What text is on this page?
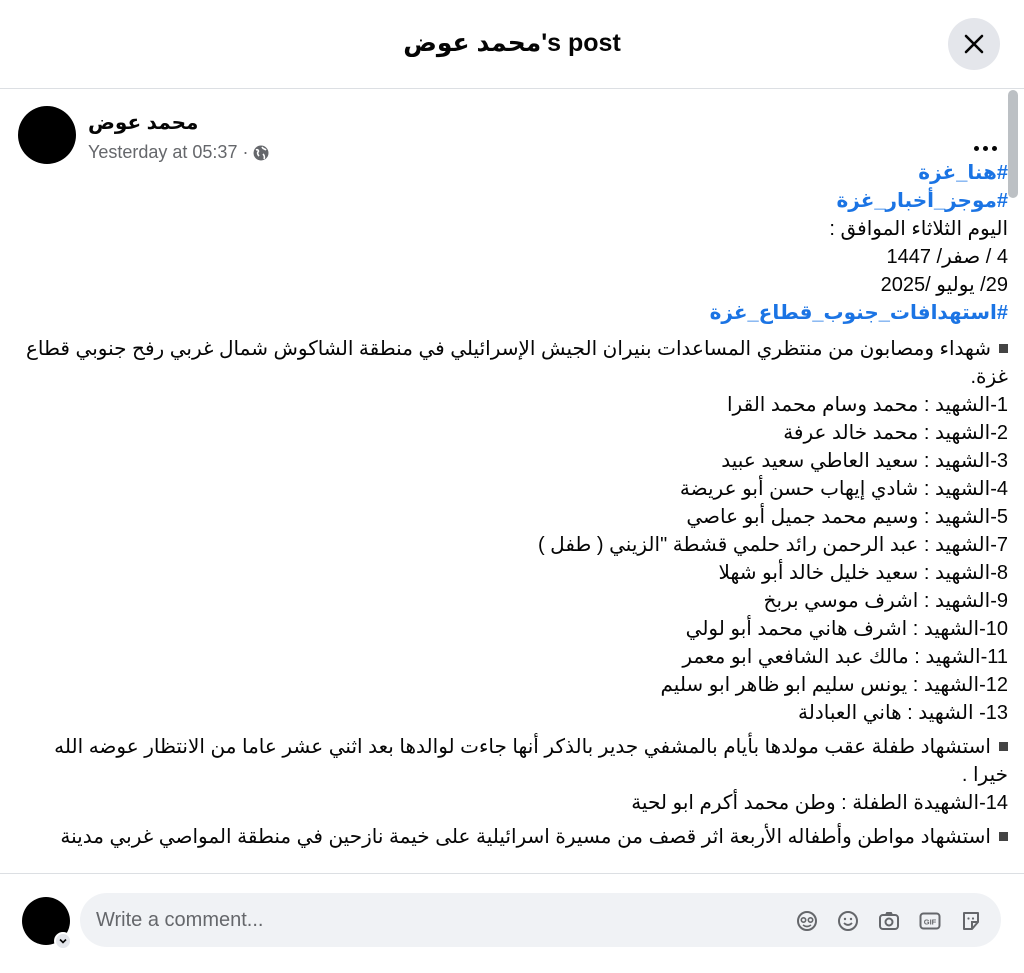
محمد عوض's post
محمد عوض
Yesterday at 05:37 ·
#هنا_غزة
#موجز_أخبار_غزة
اليوم الثلاثاء الموافق :
4 / صفر/ 1447
29/ يوليو /2025
#استهدافات_جنوب_قطاع_غزة
شهداء ومصابون من منتظري المساعدات بنيران الجيش الإسرائيلي في منطقة الشاكوش شمال غربي رفح جنوبي قطاع غزة.
1-الشهيد : محمد وسام محمد القرا
2-الشهيد : محمد خالد عرفة
3-الشهيد : سعيد العاطي سعيد عبيد
4-الشهيد : شادي إيهاب حسن أبو عريضة
5-الشهيد : وسيم محمد جميل أبو عاصي
7-الشهيد : عبد الرحمن رائد حلمي قشطة "الزيني ( طفل )
8-الشهيد : سعيد خليل خالد أبو شهلا
9-الشهيد : اشرف موسي بربخ
10-الشهيد : اشرف هاني محمد أبو لولي
11-الشهيد : مالك عبد الشافعي ابو معمر
12-الشهيد : يونس سليم ابو ظاهر ابو سليم
13- الشهيد : هاني العبادلة
استشهاد طفلة عقب مولدها بأيام بالمشفي جدير بالذكر أنها جاءت لوالدها بعد اثني عشر عاما من الانتظار عوضه الله خيرا .
14-الشهيدة الطفلة : وطن محمد أكرم ابو لحية
استشهاد مواطن وأطفاله الأربعة اثر قصف من مسيرة اسرائيلية على خيمة نازحين في منطقة المواصي غربي مدينة
Write a comment...
GIF
